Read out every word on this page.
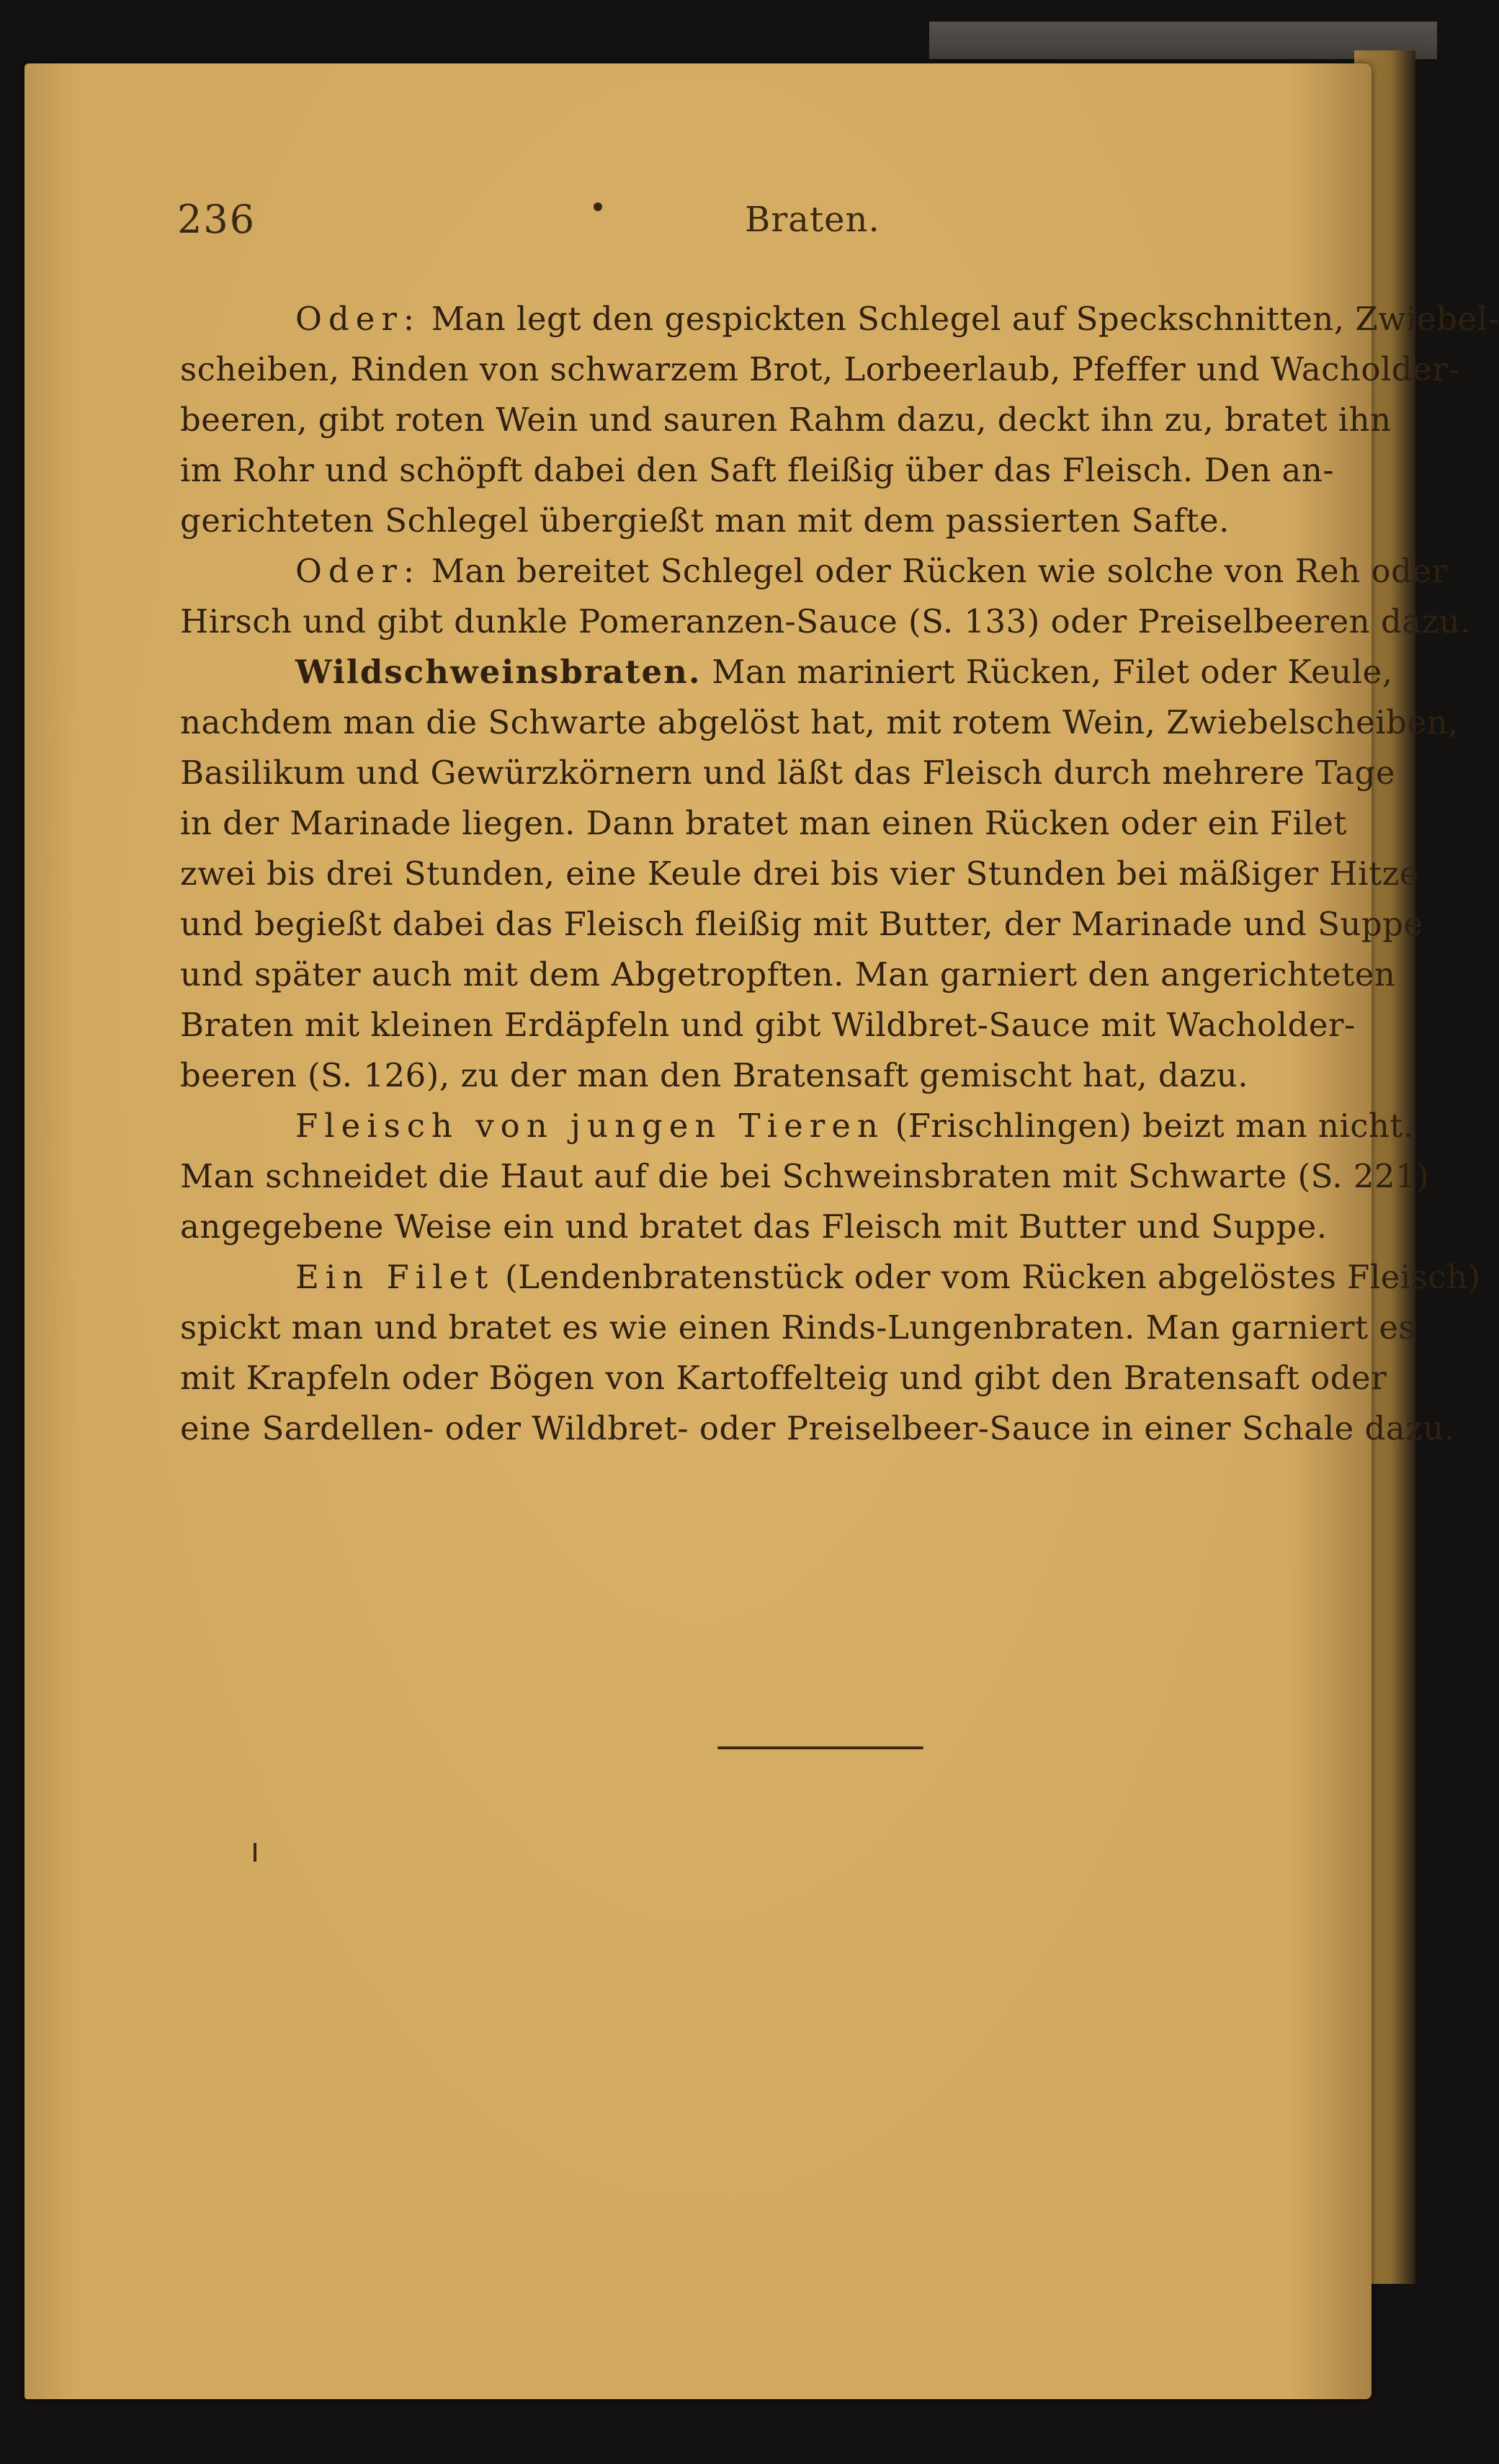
236	Braten.
Oder: Man legt den gespickten Schlegel auf Speckschnitten, Zwiebel-
scheiben, Rinden von schwarzem Brot, Lorbeerlaub, Pfeffer und Wacholder-
beeren, gibt roten Wein und sauren Rahm dazu, deckt ihn zu, bratet ihn
im Rohr und schöpft dabei den Saft fleißig über das Fleisch. Den an-
gerichteten Schlegel übergießt man mit dem passierten Safte.
Oder: Man bereitet Schlegel oder Rücken wie solche von Reh oder
Hirsch und gibt dunkle Pomeranzen-Sauce (S. 133) oder Preiselbeeren dazu.
Wildschweinsbraten. Man mariniert Rücken, Filet oder Keule,
nachdem man die Schwarte abgelöst hat, mit rotem Wein, Zwiebelscheiben,
Basilikum und Gewürzkörnern und läßt das Fleisch durch mehrere Tage
in der Marinade liegen. Dann bratet man einen Rücken oder ein Filet
zwei bis drei Stunden, eine Keule drei bis vier Stunden bei mäßiger Hitze
und begießt dabei das Fleisch fleißig mit Butter, der Marinade und Suppe
und später auch mit dem Abgetropften. Man garniert den angerichteten
Braten mit kleinen Erdäpfeln und gibt Wildbret-Sauce mit Wacholder-
beeren (S. 126), zu der man den Bratensaft gemischt hat, dazu.
Fleisch von jungen Tieren (Frischlingen) beizt man nicht.
Man schneidet die Haut auf die bei Schweinsbraten mit Schwarte (S. 221)
angegebene Weise ein und bratet das Fleisch mit Butter und Suppe.
Ein Filet (Lendenbratenstück oder vom Rücken abgelöstes Fleisch)
spickt man und bratet es wie einen Rinds-Lungenbraten. Man garniert es
mit Krapfeln oder Bögen von Kartoffelteig und gibt den Bratensaft oder
eine Sardellen- oder Wildbret- oder Preiselbeer-Sauce in einer Schale dazu.
